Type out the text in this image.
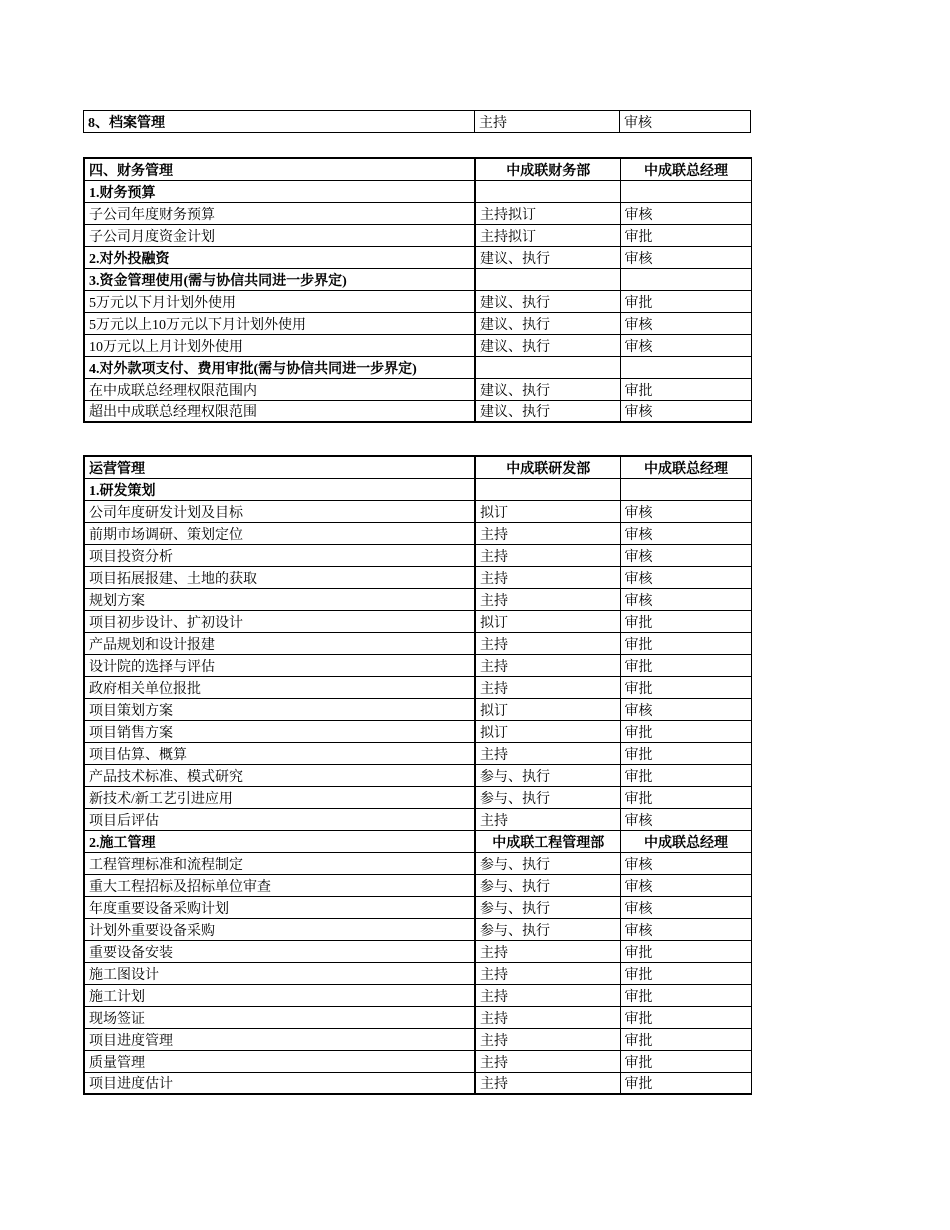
8、档案管理	主持	审核
四、财务管理	中成联财务部	中成联总经理
1.财务预算		
子公司年度财务预算	主持拟订	审核
子公司月度资金计划	主持拟订	审批
2.对外投融资	建议、执行	审核
3.资金管理使用(需与协信共同进一步界定)		
5万元以下月计划外使用	建议、执行	审批
5万元以上10万元以下月计划外使用	建议、执行	审核
10万元以上月计划外使用	建议、执行	审核
4.对外款项支付、费用审批(需与协信共同进一步界定)		
在中成联总经理权限范围内	建议、执行	审批
超出中成联总经理权限范围	建议、执行	审核
运营管理	中成联研发部	中成联总经理
1.研发策划		
公司年度研发计划及目标	拟订	审核
前期市场调研、策划定位	主持	审核
项目投资分析	主持	审核
项目拓展报建、土地的获取	主持	审核
规划方案	主持	审核
项目初步设计、扩初设计	拟订	审批
产品规划和设计报建	主持	审批
设计院的选择与评估	主持	审批
政府相关单位报批	主持	审批
项目策划方案	拟订	审核
项目销售方案	拟订	审批
项目估算、概算	主持	审批
产品技术标准、模式研究	参与、执行	审批
新技术/新工艺引进应用	参与、执行	审批
项目后评估	主持	审核
2.施工管理	中成联工程管理部	中成联总经理
工程管理标准和流程制定	参与、执行	审核
重大工程招标及招标单位审查	参与、执行	审核
年度重要设备采购计划	参与、执行	审核
计划外重要设备采购	参与、执行	审核
重要设备安装	主持	审批
施工图设计	主持	审批
施工计划	主持	审批
现场签证	主持	审批
项目进度管理	主持	审批
质量管理	主持	审批
项目进度估计	主持	审批
